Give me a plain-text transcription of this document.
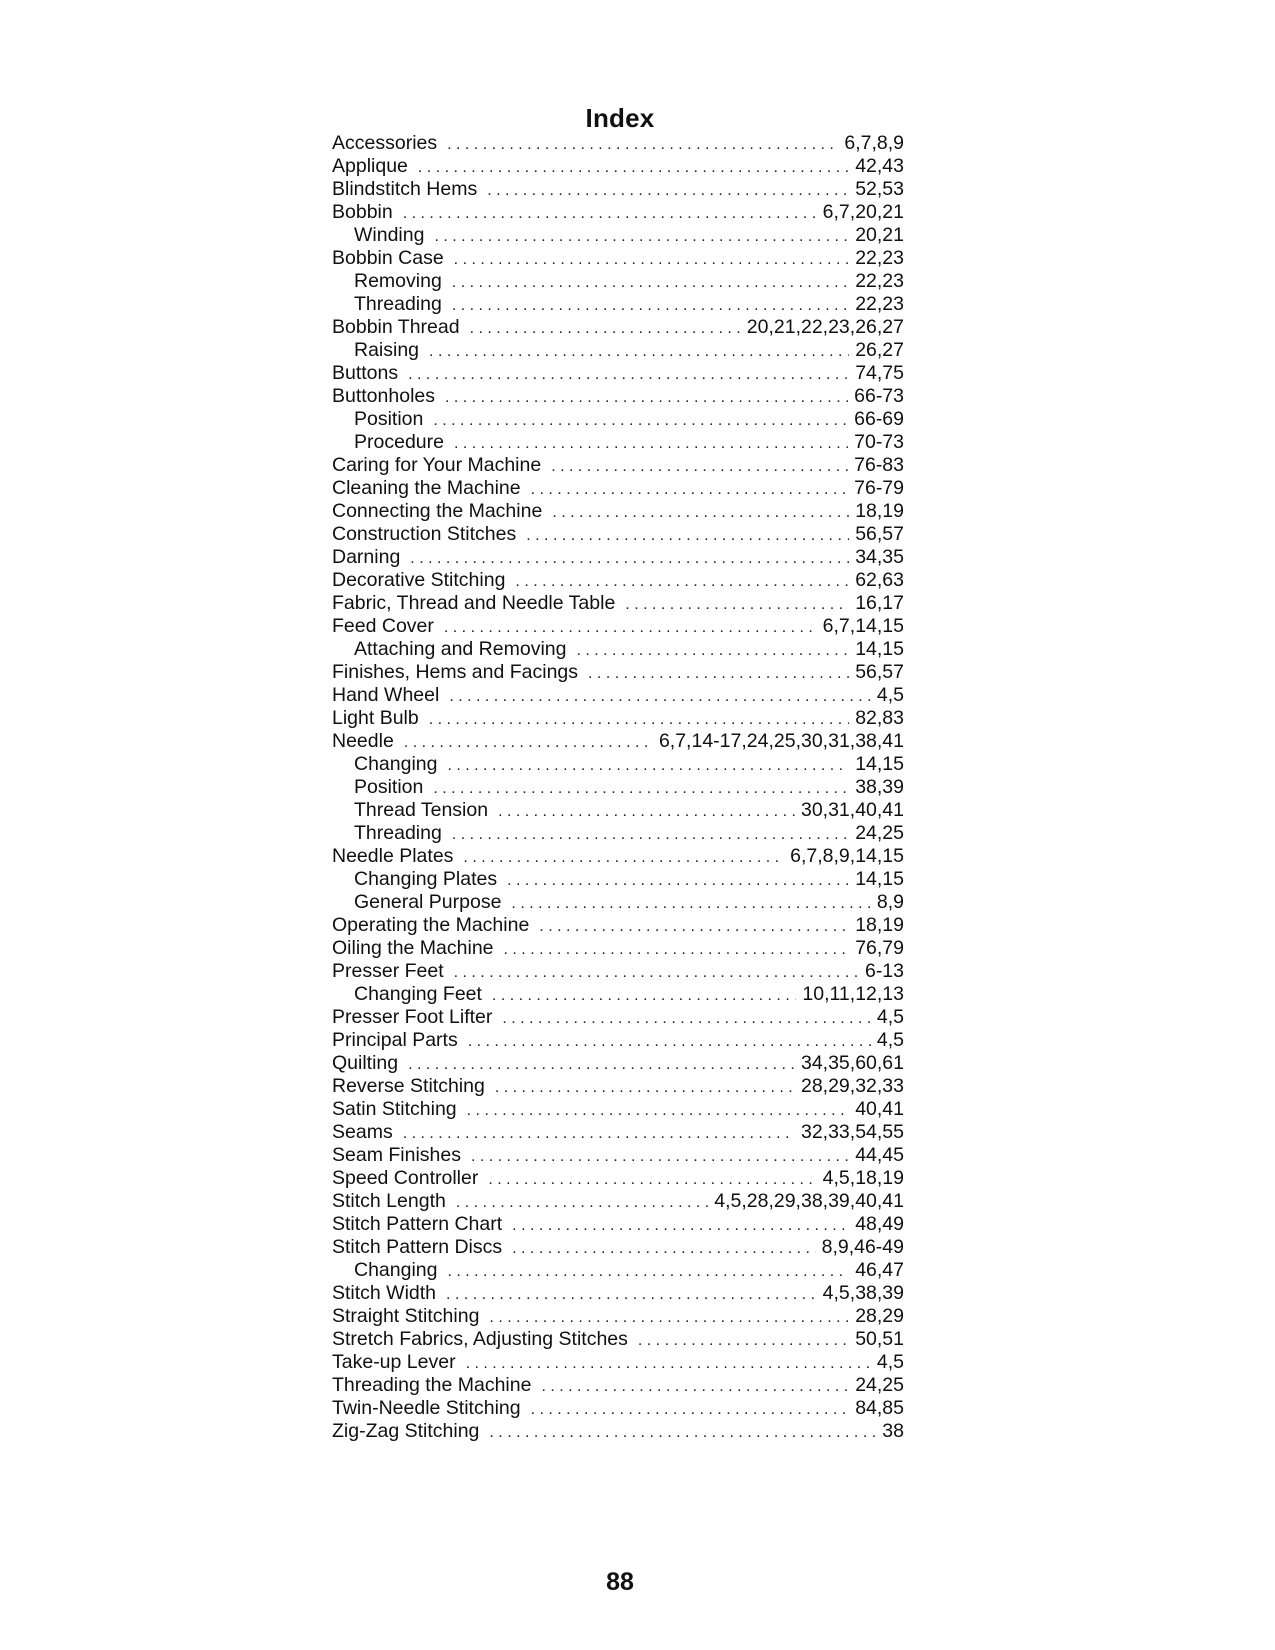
Index
Accessories . . .	6,7,8,9
Applique . . .	42,43
Blindstitch Hems . . .	52,53
Bobbin . . .	6,7,20,21
Winding . . .	20,21
Bobbin Case . . .	22,23
Removing . . .	22,23
Threading . . .	22,23
Bobbin Thread . . .	20,21,22,23,26,27
Raising . . .	26,27
Buttons . . .	74,75
Buttonholes . . .	66-73
Position . . .	66-69
Procedure . . .	70-73
Caring for Your Machine . . .	76-83
Cleaning the Machine . . .	76-79
Connecting the Machine . . .	18,19
Construction Stitches . . .	56,57
Darning . . .	34,35
Decorative Stitching . . .	62,63
Fabric, Thread and Needle Table . . .	16,17
Feed Cover . . .	6,7,14,15
Attaching and Removing . . .	14,15
Finishes, Hems and Facings . . .	56,57
Hand Wheel . . .	4,5
Light Bulb . . .	82,83
Needle . . .	6,7,14-17,24,25,30,31,38,41
Changing . . .	14,15
Position . . .	38,39
Thread Tension . . .	30,31,40,41
Threading . . .	24,25
Needle Plates . . .	6,7,8,9,14,15
Changing Plates . . .	14,15
General Purpose . . .	8,9
Operating the Machine . . .	18,19
Oiling the Machine . . .	76,79
Presser Feet . . .	6-13
Changing Feet . . .	10,11,12,13
Presser Foot Lifter . . .	4,5
Principal Parts . . .	4,5
Quilting . . .	34,35,60,61
Reverse Stitching . . .	28,29,32,33
Satin Stitching . . .	40,41
Seams . . .	32,33,54,55
Seam Finishes . . .	44,45
Speed Controller . . .	4,5,18,19
Stitch Length . . .	4,5,28,29,38,39,40,41
Stitch Pattern Chart . . .	48,49
Stitch Pattern Discs . . .	8,9,46-49
Changing . . .	46,47
Stitch Width . . .	4,5,38,39
Straight Stitching . . .	28,29
Stretch Fabrics, Adjusting Stitches . . .	50,51
Take-up Lever . . .	4,5
Threading the Machine . . .	24,25
Twin-Needle Stitching . . .	84,85
Zig-Zag Stitching . . .	38
88
